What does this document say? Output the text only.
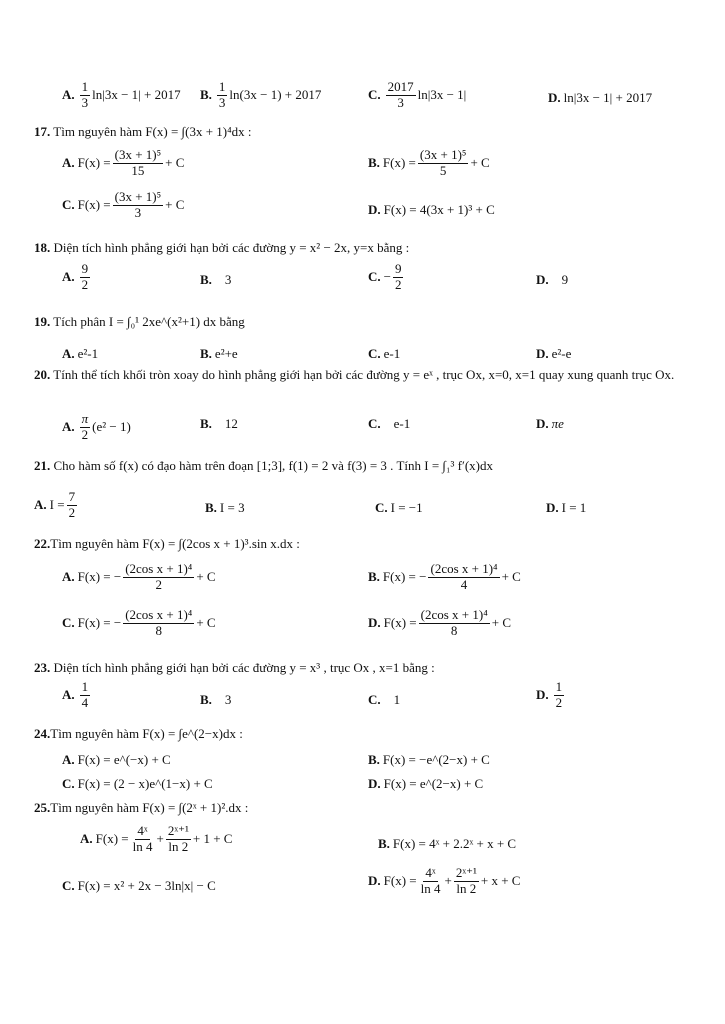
A. $\frac{1}{3} \ln|3x - 1| + 2017$ B. $\frac{1}{3} \ln(3x - 1) + 2017$	C. $\frac{2017}{3} \ln|3x - 1|$	D. ln|3x − 1| + 2017
17. Tìm nguyên hàm F(x) = ∫(3x + 1)⁴dx :
A. $F(x) = \frac{\text{(3x + 1)⁵}}{15} + C$	B. $F(x) = \frac{\text{(3x + 1)⁵}}{5} + C$
C. $F(x) = \frac{\text{(3x + 1)⁵}}{3} + C$	D. F(x) = 4(3x + 1)³ + C
18. Diện tích hình phẳng giới hạn bởi các đường y = x² − 2x, y=x bằng :
A. $\frac{9}{2}$	B. 3	C. − $\frac{9}{2}$	D. 9
19. Tích phân I = ∫₀¹ 2xe^(x²+1) dx bằng
A. e²-1	B. e²+e	C. e-1	D. e²-e
20. Tính thể tích khối tròn xoay do hình phẳng giới hạn bởi các đường y = eˣ , trục Ox, x=0, x=1 quay xung quanh trục Ox.
A. $\frac{\pi}{2} (e^2 - 1)$	B. 12	C. e-1	D. πe
21. Cho hàm số f(x) có đạo hàm trên đoạn [1;3], f(1) = 2 và f(3) = 3 . Tính I = ∫₁³ f′(x)dx
A. $I = \frac{7}{2}$	B. I = 3	C. I = −1	D. I = 1
22.Tìm nguyên hàm F(x) = ∫(2cos x + 1)³.sin x.dx :
A. F(x) = − $\frac{\text{(2cos x + 1)⁴}}{2} + C$	B. F(x) = − $\frac{\text{(2cos x + 1)⁴}}{4} + C$
C. F(x) = − $\frac{\text{(2cos x + 1)⁴}}{8} + C$	D. $F(x) = \frac{\text{(2cos x + 1)⁴}}{8} + C$
23. Diện tích hình phẳng giới hạn bởi các đường y = x³ , trục Ox , x=1 bằng :
A. $\frac{1}{4}$	B. 3	C. 1	D. $\frac{1}{2}$
24.Tìm nguyên hàm F(x) = ∫e^(2−x)dx :
A. F(x) = e^(−x) + C	B. F(x) = −e^(2−x) + C
C. F(x) = (2 − x)e^(1−x) + C	D. F(x) = e^(2−x) + C
25.Tìm nguyên hàm F(x) = ∫(2ˣ + 1)².dx :
A. $F(x) = \frac{\text{4ˣ}}{\ln 4} + \frac{\text{2ˣ⁺¹}}{\ln 2} + 1 + C$	B. F(x) = 4ˣ + 2.2ˣ + x + C
C. F(x) = x² + 2x − 3ln|x| − C	D. $F(x) = \frac{\text{4ˣ}}{\ln 4} + \frac{\text{2ˣ⁺¹}}{\ln 2} + x + C$
